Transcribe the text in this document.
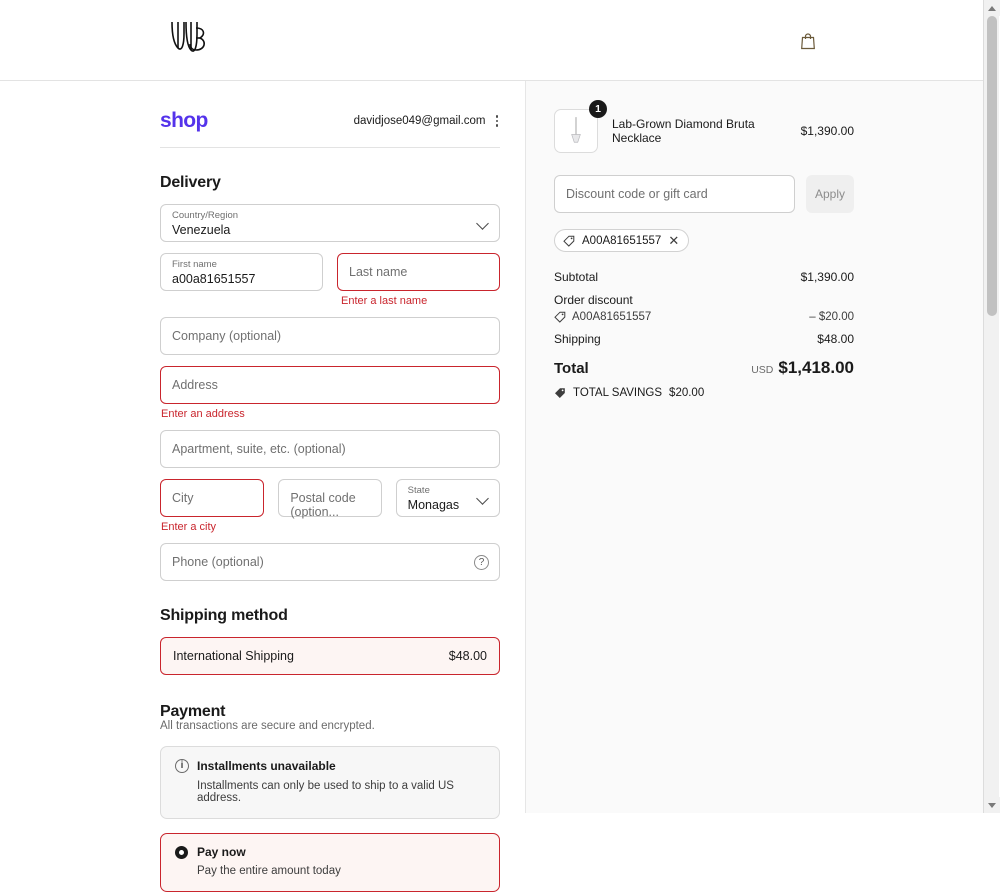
shop	davidjose049@gmail.com
Delivery
Country/Region
Venezuela
First name
a00a81651557	Last name
Enter a last name
Company (optional)
Address
Enter an address
Apartment, suite, etc. (optional)
City	Postal code (option...
State
Monagas
Enter a city
Phone (optional)	?
Shipping method
International Shipping	$48.00
Payment
All transactions are secure and encrypted.
i	Installments unavailable
Installments can only be used to ship to a valid US address.
Pay now
Pay the entire amount today
1
Lab-Grown Diamond Bruta Necklace	$1,390.00
Discount code or gift card	Apply
A00A81651557 ✕
Subtotal	$1,390.00
Order discount
A00A81651557	– $20.00
Shipping	$48.00
Total	USD $1,418.00
TOTAL SAVINGS $20.00
